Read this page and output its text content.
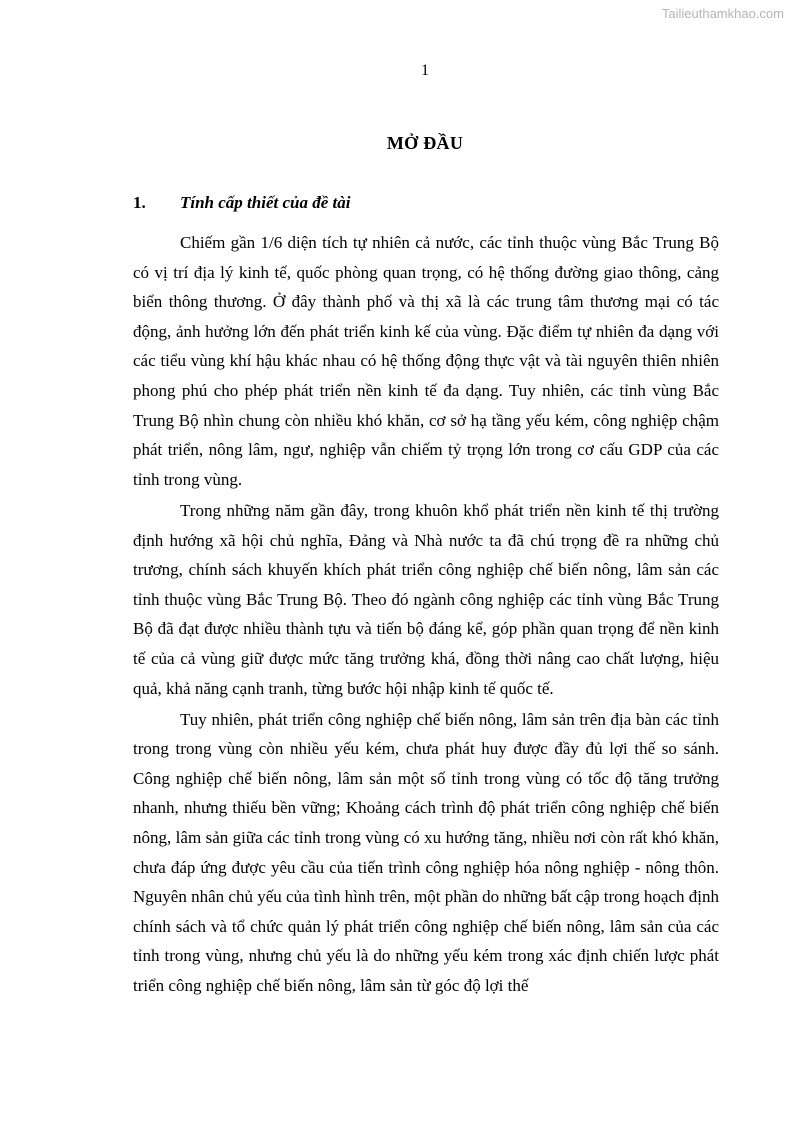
Tailieuthamkhao.com
1
MỞ ĐẦU
1. Tính cấp thiết của đề tài

Chiếm gần 1/6 diện tích tự nhiên cả nước, các tỉnh thuộc vùng Bắc Trung Bộ có vị trí địa lý kinh tế, quốc phòng quan trọng, có hệ thống đường giao thông, cảng biển thông thương. Ở đây thành phố và thị xã là các trung tâm thương mại có tác động, ảnh hưởng lớn đến phát triển kinh kế của vùng. Đặc điểm tự nhiên đa dạng với các tiểu vùng khí hậu khác nhau có hệ thống động thực vật và tài nguyên thiên nhiên phong phú cho phép phát triển nền kinh tế đa dạng. Tuy nhiên, các tỉnh vùng Bắc Trung Bộ nhìn chung còn nhiều khó khăn, cơ sở hạ tầng yếu kém, công nghiệp chậm phát triển, nông lâm, ngư, nghiệp vẫn chiếm tỷ trọng lớn trong cơ cấu GDP của các tỉnh trong vùng.

Trong những năm gần đây, trong khuôn khổ phát triển nền kinh tế thị trường định hướng xã hội chủ nghĩa, Đảng và Nhà nước ta đã chú trọng đề ra những chủ trương, chính sách khuyến khích phát triển công nghiệp chế biến nông, lâm sản các tỉnh thuộc vùng Bắc Trung Bộ. Theo đó ngành công nghiệp các tỉnh vùng Bắc Trung Bộ đã đạt được nhiều thành tựu và tiến bộ đáng kể, góp phần quan trọng để nền kinh tế của cả vùng giữ được mức tăng trưởng khá, đồng thời nâng cao chất lượng, hiệu quả, khả năng cạnh tranh, từng bước hội nhập kinh tế quốc tế.

Tuy nhiên, phát triển công nghiệp chế biến nông, lâm sản trên địa bàn các tỉnh trong trong vùng còn nhiều yếu kém, chưa phát huy được đầy đủ lợi thế so sánh. Công nghiệp chế biến nông, lâm sản một số tỉnh trong vùng có tốc độ tăng trưởng nhanh, nhưng thiếu bền vững; Khoảng cách trình độ phát triển công nghiệp chế biến nông, lâm sản giữa các tỉnh trong vùng có xu hướng tăng, nhiều nơi còn rất khó khăn, chưa đáp ứng được yêu cầu của tiến trình công nghiệp hóa nông nghiệp - nông thôn. Nguyên nhân chủ yếu của tình hình trên, một phần do những bất cập trong hoạch định chính sách và tổ chức quản lý phát triển công nghiệp chế biến nông, lâm sản của các tỉnh trong vùng, nhưng chủ yếu là do những yếu kém trong xác định chiến lược phát triển công nghiệp chế biến nông, lâm sản từ góc độ lợi thế
